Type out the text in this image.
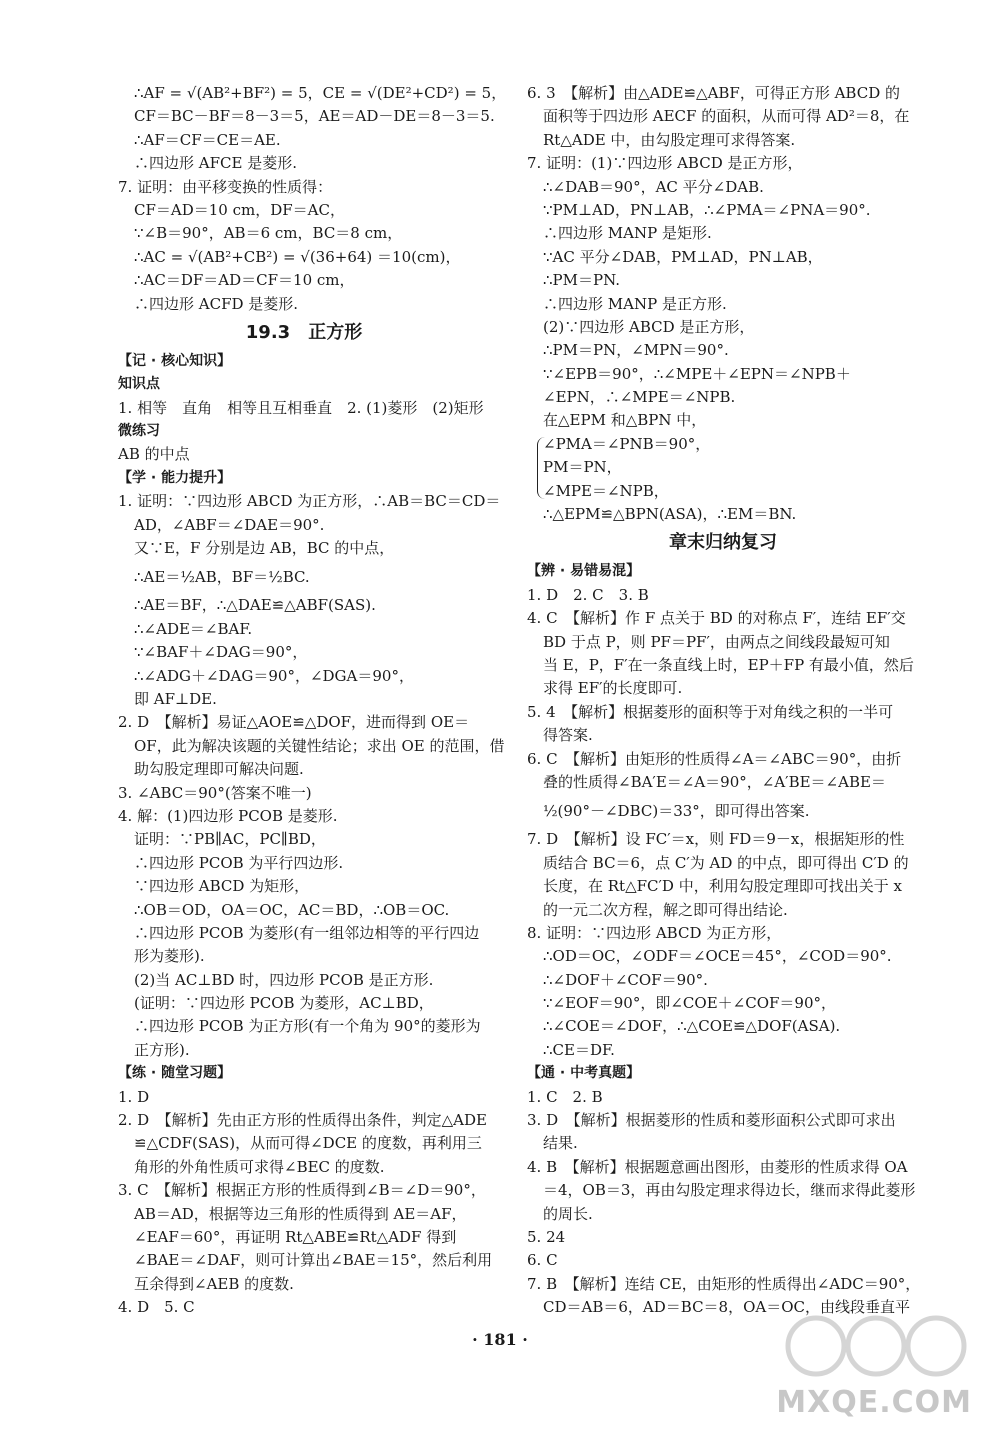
∴AF = √(AB²+BF²) = 5，CE = √(DE²+CD²) = 5，
CF＝BC－BF＝8－3＝5，AE＝AD－DE＝8－3＝5.
∴AF＝CF＝CE＝AE.
∴四边形 AFCE 是菱形.
7. 证明：由平移变换的性质得：
CF＝AD＝10 cm，DF＝AC，
∵∠B＝90°，AB＝6 cm，BC＝8 cm，
∴AC = √(AB²+CB²) = √(36+64) ＝10(cm)，
∴AC＝DF＝AD＝CF＝10 cm，
∴四边形 ACFD 是菱形.
19.3　正方形
【记 · 核心知识】
知识点
1. 相等　直角　相等且互相垂直　2. (1)菱形　(2)矩形
微练习
AB 的中点
【学 · 能力提升】
1. 证明：∵四边形 ABCD 为正方形，∴AB＝BC＝CD＝
AD，∠ABF＝∠DAE＝90°.
又∵E，F 分别是边 AB，BC 的中点，
∴AE＝½AB，BF＝½BC.
∴AE＝BF，∴△DAE≌△ABF(SAS).
∴∠ADE＝∠BAF.
∵∠BAF＋∠DAG＝90°，
∴∠ADG＋∠DAG＝90°，∠DGA＝90°，
即 AF⊥DE.
2. D　【解析】易证△AOE≌△DOF，进而得到 OE＝
OF，此为解决该题的关键性结论；求出 OE 的范围，借
助勾股定理即可解决问题.
3. ∠ABC＝90°(答案不唯一)
4. 解：(1)四边形 PCOB 是菱形.
证明：∵PB∥AC，PC∥BD，
∴四边形 PCOB 为平行四边形.
∵四边形 ABCD 为矩形，
∴OB＝OD，OA＝OC，AC＝BD，∴OB＝OC.
∴四边形 PCOB 为菱形(有一组邻边相等的平行四边
形为菱形).
(2)当 AC⊥BD 时，四边形 PCOB 是正方形.
(证明：∵四边形 PCOB 为菱形，AC⊥BD，
∴四边形 PCOB 为正方形(有一个角为 90°的菱形为
正方形).
【练 · 随堂习题】
1. D
2. D　【解析】先由正方形的性质得出条件，判定△ADE
≌△CDF(SAS)，从而可得∠DCE 的度数，再利用三
角形的外角性质可求得∠BEC 的度数.
3. C　【解析】根据正方形的性质得到∠B＝∠D＝90°，
AB＝AD，根据等边三角形的性质得到 AE＝AF，
∠EAF＝60°，再证明 Rt△ABE≌Rt△ADF 得到
∠BAE＝∠DAF，则可计算出∠BAE＝15°，然后利用
互余得到∠AEB 的度数.
4. D　5. C
6. 3　【解析】由△ADE≌△ABF，可得正方形 ABCD 的
面积等于四边形 AECF 的面积，从而可得 AD²＝8，在
Rt△ADE 中，由勾股定理可求得答案.
7. 证明：(1)∵四边形 ABCD 是正方形，
∴∠DAB＝90°，AC 平分∠DAB.
∵PM⊥AD，PN⊥AB，∴∠PMA＝∠PNA＝90°.
∴四边形 MANP 是矩形.
∵AC 平分∠DAB，PM⊥AD，PN⊥AB，
∴PM＝PN.
∴四边形 MANP 是正方形.
(2)∵四边形 ABCD 是正方形，
∴PM＝PN，∠MPN＝90°.
∵∠EPB＝90°，∴∠MPE＋∠EPN＝∠NPB＋
∠EPN，∴∠MPE＝∠NPB.
在△EPM 和△BPN 中，
∠PMA＝∠PNB＝90°，
PM＝PN，
∠MPE＝∠NPB，
∴△EPM≌△BPN(ASA)，∴EM＝BN.
章末归纳复习
【辨 · 易错易混】
1. D　2. C　3. B
4. C　【解析】作 F 点关于 BD 的对称点 F′，连结 EF′交
BD 于点 P，则 PF＝PF′，由两点之间线段最短可知
当 E，P，F′在一条直线上时，EP＋FP 有最小值，然后
求得 EF′的长度即可.
5. 4　【解析】根据菱形的面积等于对角线之积的一半可
得答案.
6. C　【解析】由矩形的性质得∠A＝∠ABC＝90°，由折
叠的性质得∠BA′E＝∠A＝90°，∠A′BE＝∠ABE＝
½(90°－∠DBC)＝33°，即可得出答案.
7. D　【解析】设 FC′＝x，则 FD＝9－x，根据矩形的性
质结合 BC＝6，点 C′为 AD 的中点，即可得出 C′D 的
长度，在 Rt△FC′D 中，利用勾股定理即可找出关于 x
的一元二次方程，解之即可得出结论.
8. 证明：∵四边形 ABCD 为正方形，
∴OD＝OC，∠ODF＝∠OCE＝45°，∠COD＝90°.
∴∠DOF＋∠COF＝90°.
∵∠EOF＝90°，即∠COE＋∠COF＝90°，
∴∠COE＝∠DOF，∴△COE≌△DOF(ASA).
∴CE＝DF.
【通 · 中考真题】
1. C　2. B
3. D　【解析】根据菱形的性质和菱形面积公式即可求出
结果.
4. B　【解析】根据题意画出图形，由菱形的性质求得 OA
＝4，OB＝3，再由勾股定理求得边长，继而求得此菱形
的周长.
5. 24
6. C
7. B　【解析】连结 CE，由矩形的性质得出∠ADC＝90°，
CD＝AB＝6，AD＝BC＝8，OA＝OC，由线段垂直平
· 181 ·
MXQE.COM
